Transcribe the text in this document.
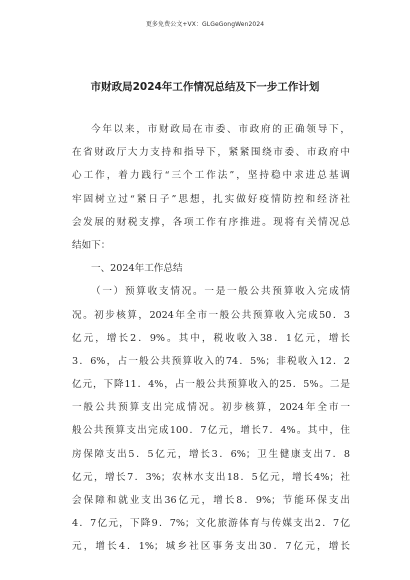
更多免费公文+VX：GLGeGongWen2024
市财政局2024年工作情况总结及下一步工作计划
今年以来，市财政局在市委、市政府的正确领导下，
在省财政厅大力支持和指导下，紧紧围绕市委、市政府中
心工作，着力践行“三个工作法”，坚持稳中求进总基调
牢固树立过“紧日子”思想，扎实做好疫情防控和经济社
会发展的财税支撑，各项工作有序推进。现将有关情况总
结如下：
一、2024年工作总结
（一）预算收支情况。一是一般公共预算收入完成情
况。初步核算，2024年全市一般公共预算收入完成50．3
亿元，增长2．9%。其中，税收收入38．1亿元，增长
3．6%，占一般公共预算收入的74．5%；非税收入12．2
亿元，下降11．4%，占一般公共预算收入的25．5%。二是
一般公共预算支出完成情况。初步核算，2024年全市一
般公共预算支出完成100．7亿元，增长7．4%。其中，住
房保障支出5．5亿元，增长3．6%；卫生健康支出7．8
亿元，增长7．3%；农林水支出18．5亿元，增长4%；社
会保障和就业支出36亿元，增长8．9%；节能环保支出
4．7亿元，下降9．7%；文化旅游体育与传媒支出2．7亿
元，增长4．1%；城乡社区事务支出30．7亿元，增长
